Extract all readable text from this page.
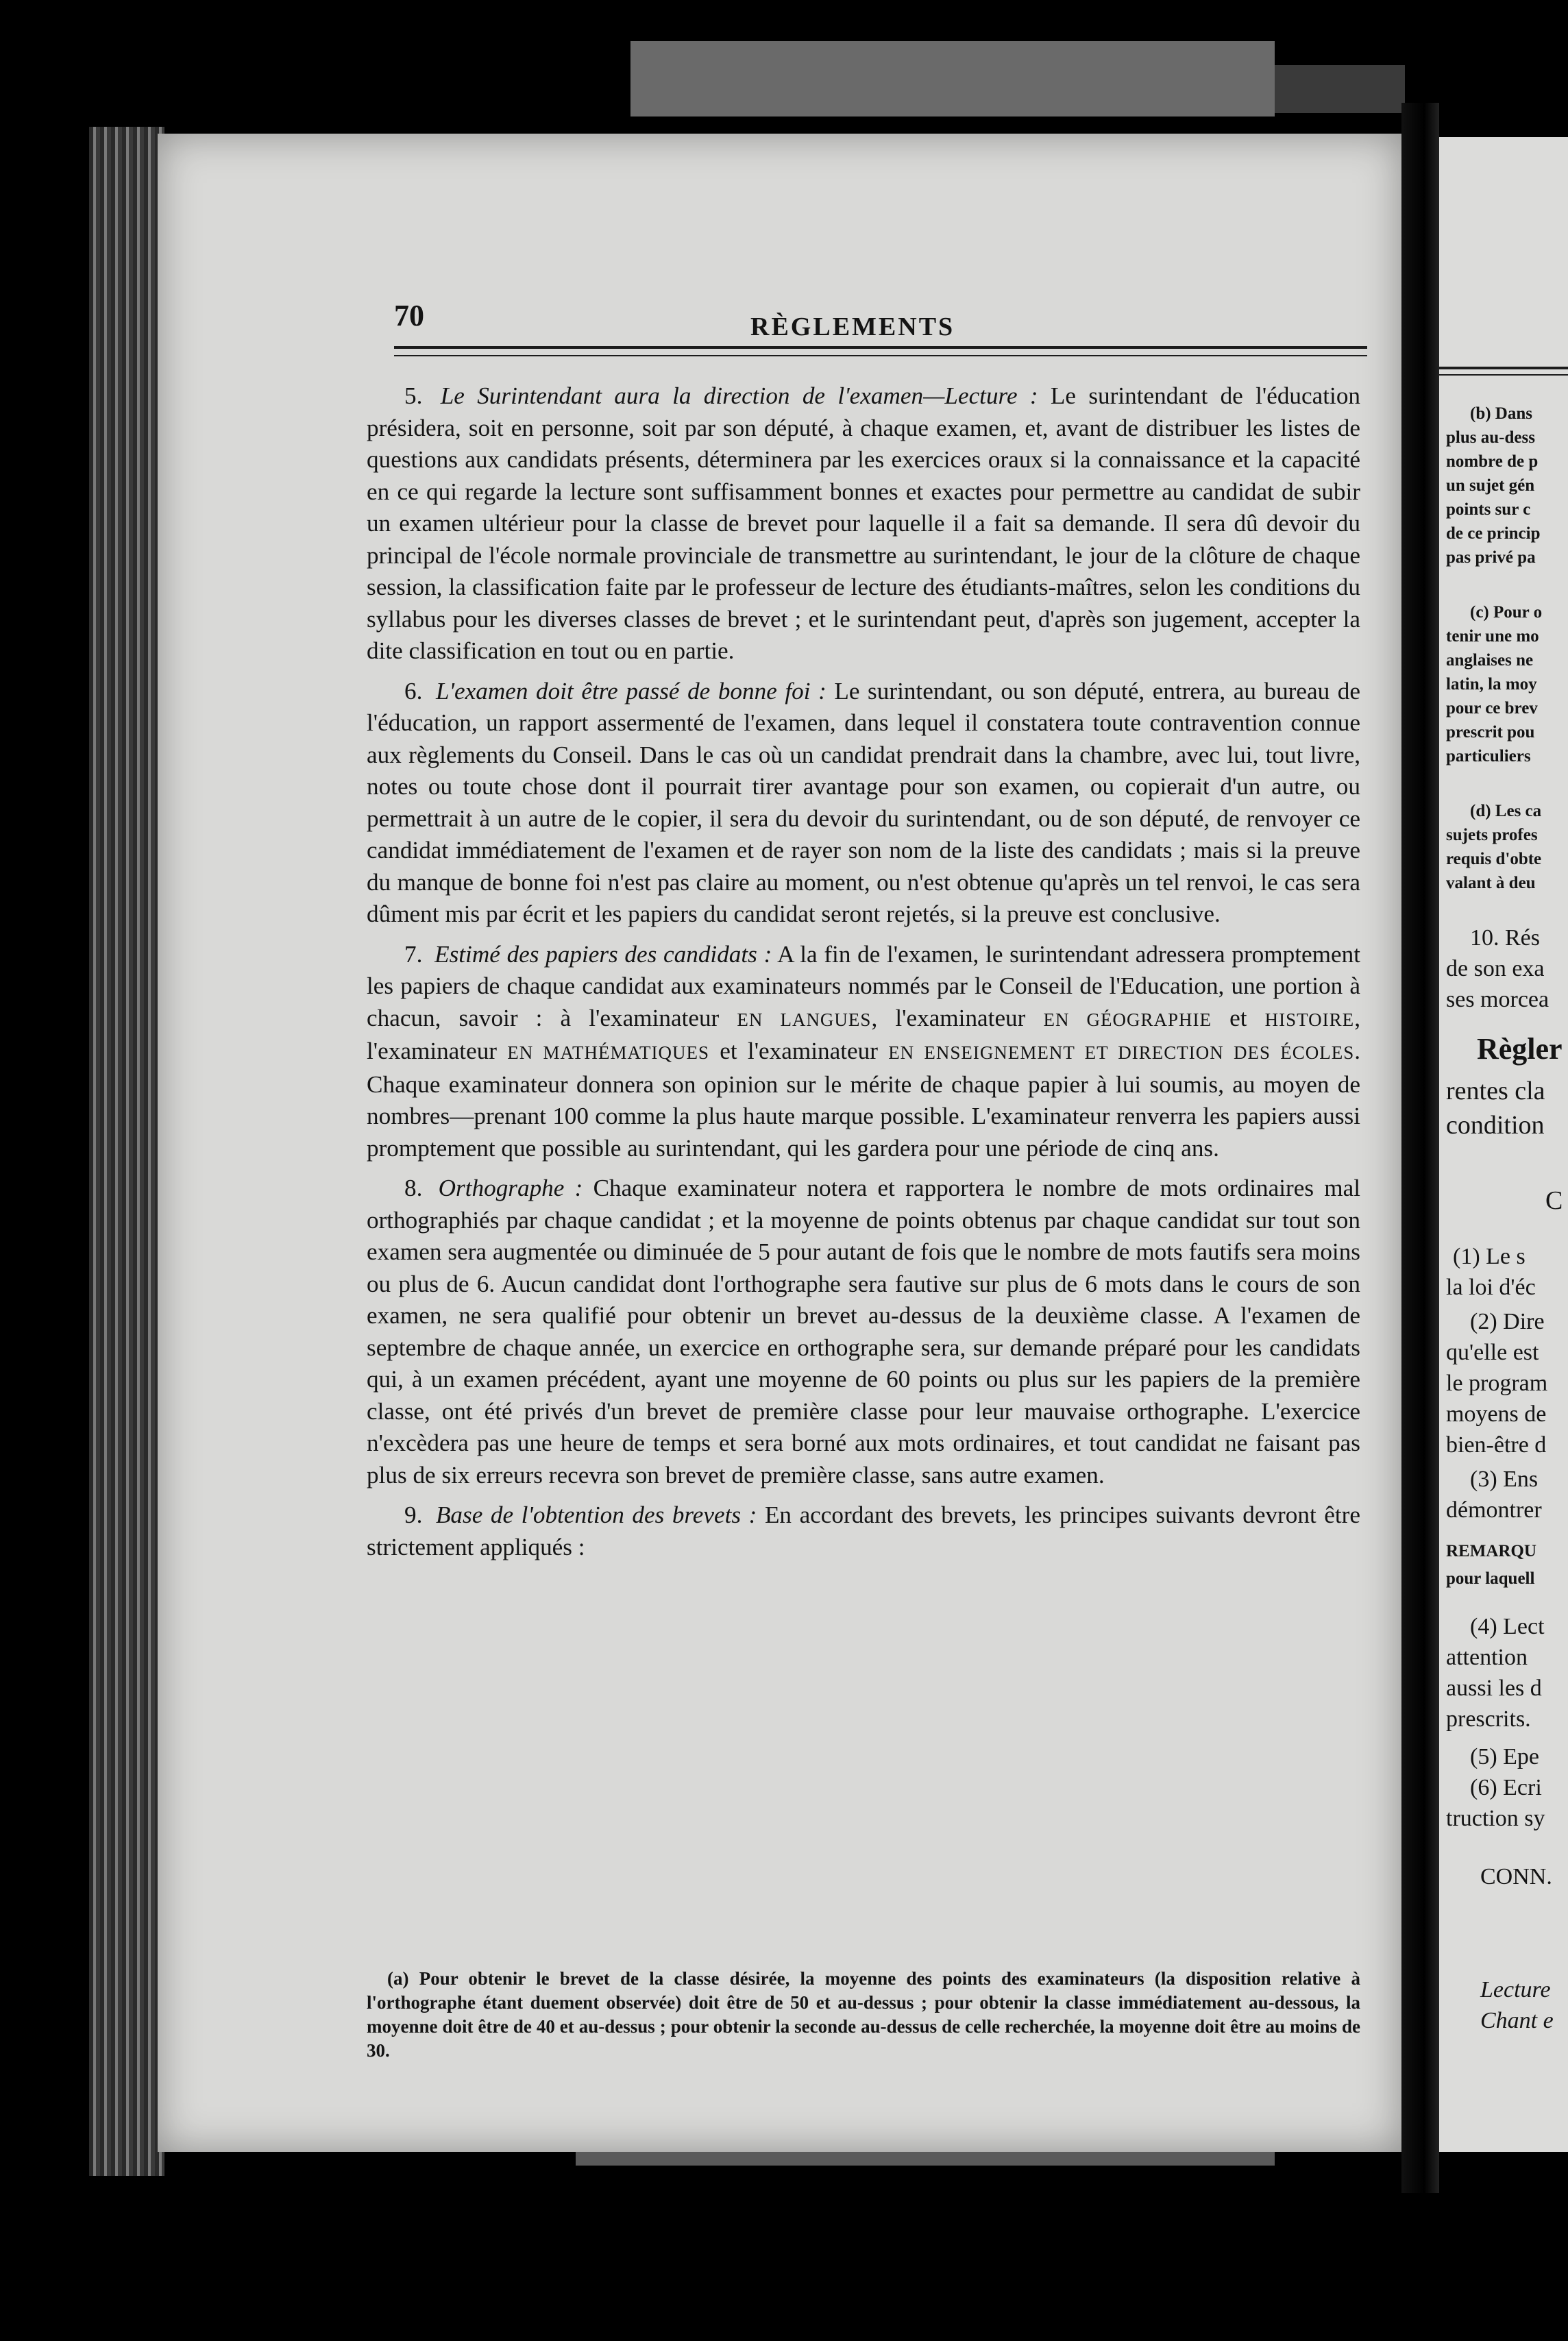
(b) Dans
plus au-dess
nombre de p
un sujet gén
points sur c
de ce princip
pas privé pa
(c) Pour o
tenir une mo
anglaises ne
latin, la moy
pour ce brev
prescrit pou
particuliers
(d) Les ca
sujets profes
requis d'obte
valant à deu
10. Rés
de son exa
ses morcea
Règler
rentes cla
condition
C
(1) Le s
la loi d'éc
(2) Dire
qu'elle est
le program
moyens de
bien-être d
(3) Ens
démontrer
REMARQU
pour laquell
(4) Lect
attention
aussi les d
prescrits.
(5) Epe
(6) Ecri
truction sy
CONN.
Lecture
Chant e
70	RÈGLEMENTS

5. Le Surintendant aura la direction de l'examen—Lecture : Le surintendant de l'éducation présidera, soit en personne, soit par son député, à chaque examen, et, avant de distribuer les listes de questions aux candidats présents, déterminera par les exercices oraux si la connaissance et la capacité en ce qui regarde la lecture sont suffisamment bonnes et exactes pour permettre au candidat de subir un examen ultérieur pour la classe de brevet pour laquelle il a fait sa demande. Il sera dû devoir du principal de l'école normale provinciale de transmettre au surintendant, le jour de la clôture de chaque session, la classification faite par le professeur de lecture des étudiants-maîtres, selon les conditions du syllabus pour les diverses classes de brevet ; et le surintendant peut, d'après son jugement, accepter la dite classification en tout ou en partie.

6. L'examen doit être passé de bonne foi : Le surintendant, ou son député, entrera, au bureau de l'éducation, un rapport assermenté de l'examen, dans lequel il constatera toute contravention connue aux règlements du Conseil. Dans le cas où un candidat prendrait dans la chambre, avec lui, tout livre, notes ou toute chose dont il pourrait tirer avantage pour son examen, ou copierait d'un autre, ou permettrait à un autre de le copier, il sera du devoir du surintendant, ou de son député, de renvoyer ce candidat immédiatement de l'examen et de rayer son nom de la liste des candidats ; mais si la preuve du manque de bonne foi n'est pas claire au moment, ou n'est obtenue qu'après un tel renvoi, le cas sera dûment mis par écrit et les papiers du candidat seront rejetés, si la preuve est conclusive.

7. Estimé des papiers des candidats : A la fin de l'examen, le surintendant adressera promptement les papiers de chaque candidat aux examinateurs nommés par le Conseil de l'Education, une portion à chacun, savoir : à l'examinateur EN LANGUES, l'examinateur EN GÉOGRAPHIE et HISTOIRE, l'examinateur EN MATHÉMATIQUES et l'examinateur EN ENSEIGNEMENT ET DIRECTION DES ÉCOLES. Chaque examinateur donnera son opinion sur le mérite de chaque papier à lui soumis, au moyen de nombres—prenant 100 comme la plus haute marque possible. L'examinateur renverra les papiers aussi promptement que possible au surintendant, qui les gardera pour une période de cinq ans.

8. Orthographe : Chaque examinateur notera et rapportera le nombre de mots ordinaires mal orthographiés par chaque candidat ; et la moyenne de points obtenus par chaque candidat sur tout son examen sera augmentée ou diminuée de 5 pour autant de fois que le nombre de mots fautifs sera moins ou plus de 6. Aucun candidat dont l'orthographe sera fautive sur plus de 6 mots dans le cours de son examen, ne sera qualifié pour obtenir un brevet au-dessus de la deuxième classe. A l'examen de septembre de chaque année, un exercice en orthographe sera, sur demande préparé pour les candidats qui, à un examen précédent, ayant une moyenne de 60 points ou plus sur les papiers de la première classe, ont été privés d'un brevet de première classe pour leur mauvaise orthographe. L'exercice n'excèdera pas une heure de temps et sera borné aux mots ordinaires, et tout candidat ne faisant pas plus de six erreurs recevra son brevet de première classe, sans autre examen.

9. Base de l'obtention des brevets : En accordant des brevets, les principes suivants devront être strictement appliqués :

(a) Pour obtenir le brevet de la classe désirée, la moyenne des points des examinateurs (la disposition relative à l'orthographe étant duement observée) doit être de 50 et au-dessus ; pour obtenir la classe immédiatement au-dessous, la moyenne doit être de 40 et au-dessus ; pour obtenir la seconde au-dessus de celle recherchée, la moyenne doit être au moins de 30.
